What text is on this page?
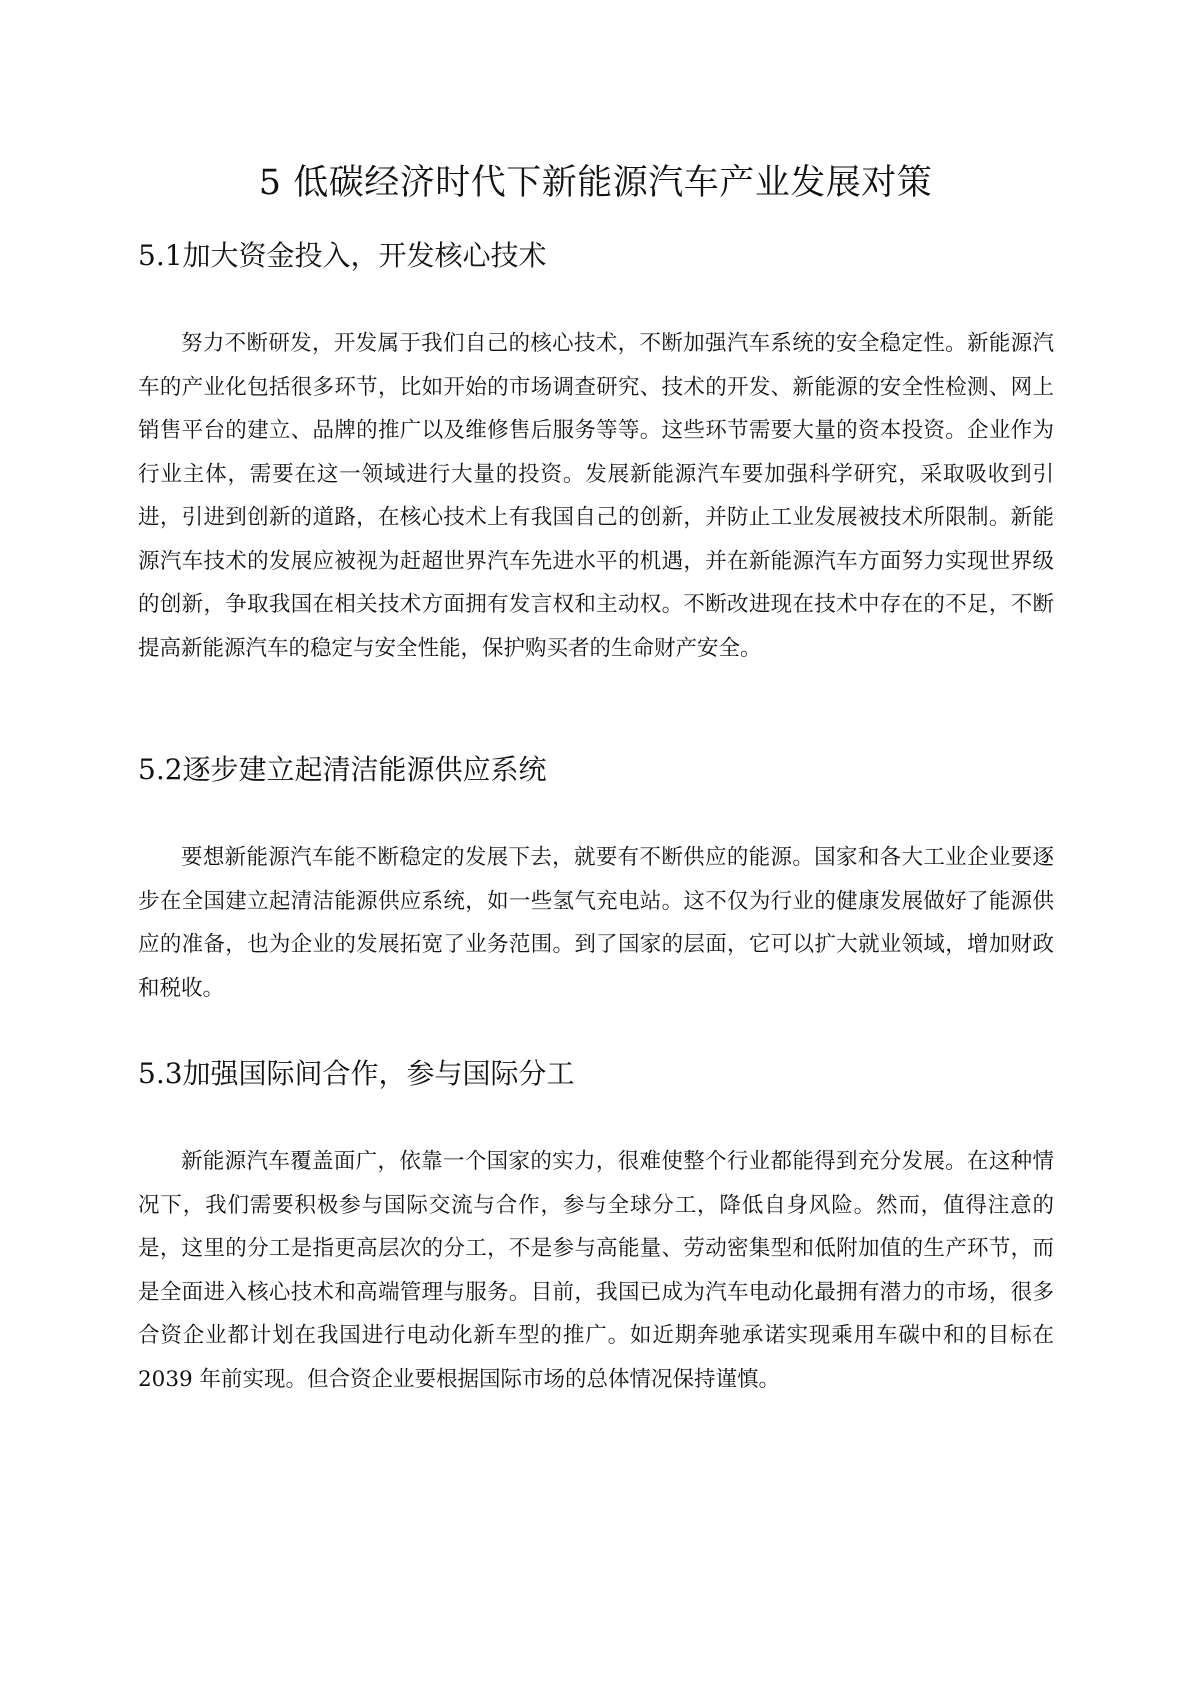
5 低碳经济时代下新能源汽车产业发展对策
5.1加大资金投入，开发核心技术

努力不断研发，开发属于我们自己的核心技术，不断加强汽车系统的安全稳定性。新能源汽车的产业化包括很多环节，比如开始的市场调查研究、技术的开发、新能源的安全性检测、网上销售平台的建立、品牌的推广以及维修售后服务等等。这些环节需要大量的资本投资。企业作为行业主体，需要在这一领域进行大量的投资。发展新能源汽车要加强科学研究，采取吸收到引进，引进到创新的道路，在核心技术上有我国自己的创新，并防止工业发展被技术所限制。新能源汽车技术的发展应被视为赶超世界汽车先进水平的机遇，并在新能源汽车方面努力实现世界级的创新，争取我国在相关技术方面拥有发言权和主动权。不断改进现在技术中存在的不足，不断提高新能源汽车的稳定与安全性能，保护购买者的生命财产安全。

5.2逐步建立起清洁能源供应系统

要想新能源汽车能不断稳定的发展下去，就要有不断供应的能源。国家和各大工业企业要逐步在全国建立起清洁能源供应系统，如一些氢气充电站。这不仅为行业的健康发展做好了能源供应的准备，也为企业的发展拓宽了业务范围。到了国家的层面，它可以扩大就业领域，增加财政和税收。

5.3加强国际间合作，参与国际分工

新能源汽车覆盖面广，依靠一个国家的实力，很难使整个行业都能得到充分发展。在这种情况下，我们需要积极参与国际交流与合作，参与全球分工，降低自身风险。然而，值得注意的是，这里的分工是指更高层次的分工，不是参与高能量、劳动密集型和低附加值的生产环节，而是全面进入核心技术和高端管理与服务。目前，我国已成为汽车电动化最拥有潜力的市场，很多合资企业都计划在我国进行电动化新车型的推广。如近期奔驰承诺实现乘用车碳中和的目标在 2039 年前实现。但合资企业要根据国际市场的总体情况保持谨慎。
